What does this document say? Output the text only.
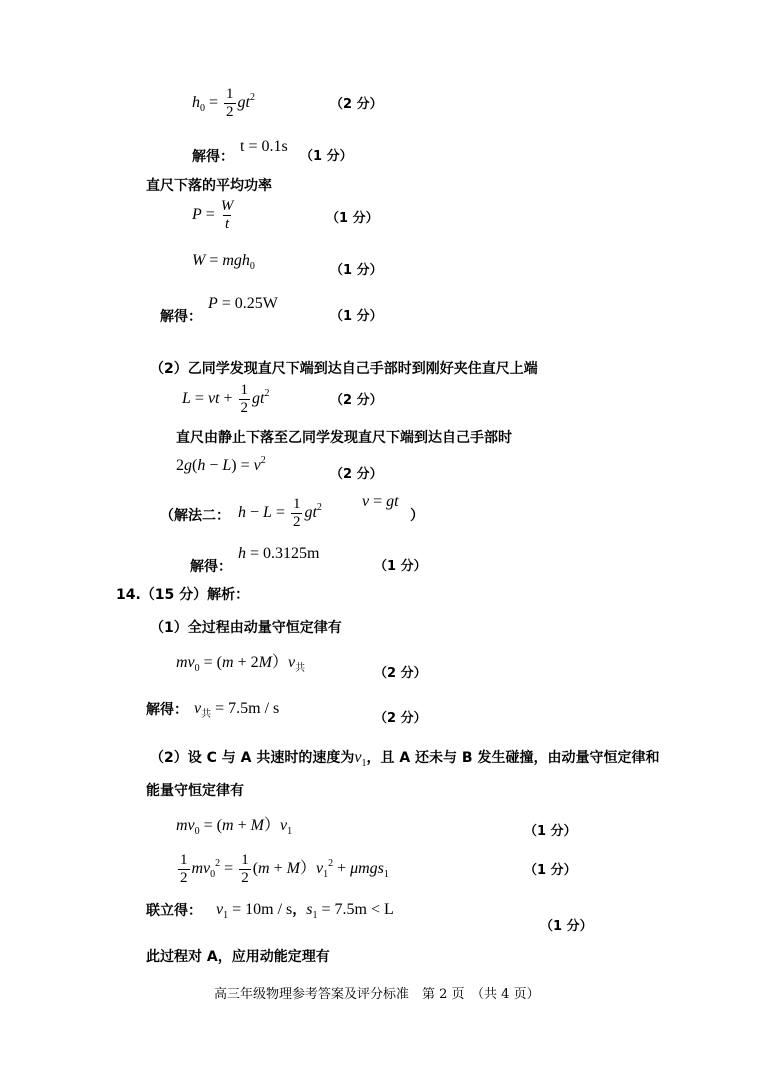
$h_0 = \frac{1}{2} gt^2$	（2 分）
解得：
t = 0.1s
（1 分）
直尺下落的平均功率
$P = \frac{W}{t}$	（1 分）
W = mgh$_0$	（1 分）
解得：
P = 0.25W
（1 分）
（2）乙同学发现直尺下端到达自己手部时到刚好夹住直尺上端
L = vt + $\frac{1}{2} gt^2$	（2 分）
直尺由静止下落至乙同学发现直尺下端到达自己手部时
$2g(h - L) = v^2$
（2 分）
（解法二： $h - L = \frac{1}{2} gt^2$	v = gt
）
解得：
h = 0.3125m
（1 分）
14.（15 分）解析：
（1）全过程由动量守恒定律有
$mv_0 = (m + 2M)v_共$	（2 分）
解得： $v_共 = 7.5m / s$
（2 分）
（2）设 C 与 A 共速时的速度为$v_1$，且 A 还未与 B 发生碰撞，由动量守恒定律和
能量守恒定律有
$mv_0 = (m + M)v_1$	（1 分）
$\frac{1}{2} mv_0^2 = \frac{1}{2} (m + M)v_1^2 + \mu mgs_1$	（1 分）
联立得： $v_1 = 10m / s$，$s_1 = 7.5m < L$
（1 分）
此过程对 A，应用动能定理有
高三年级物理参考答案及评分标准　第 2 页　（共 4 页）
